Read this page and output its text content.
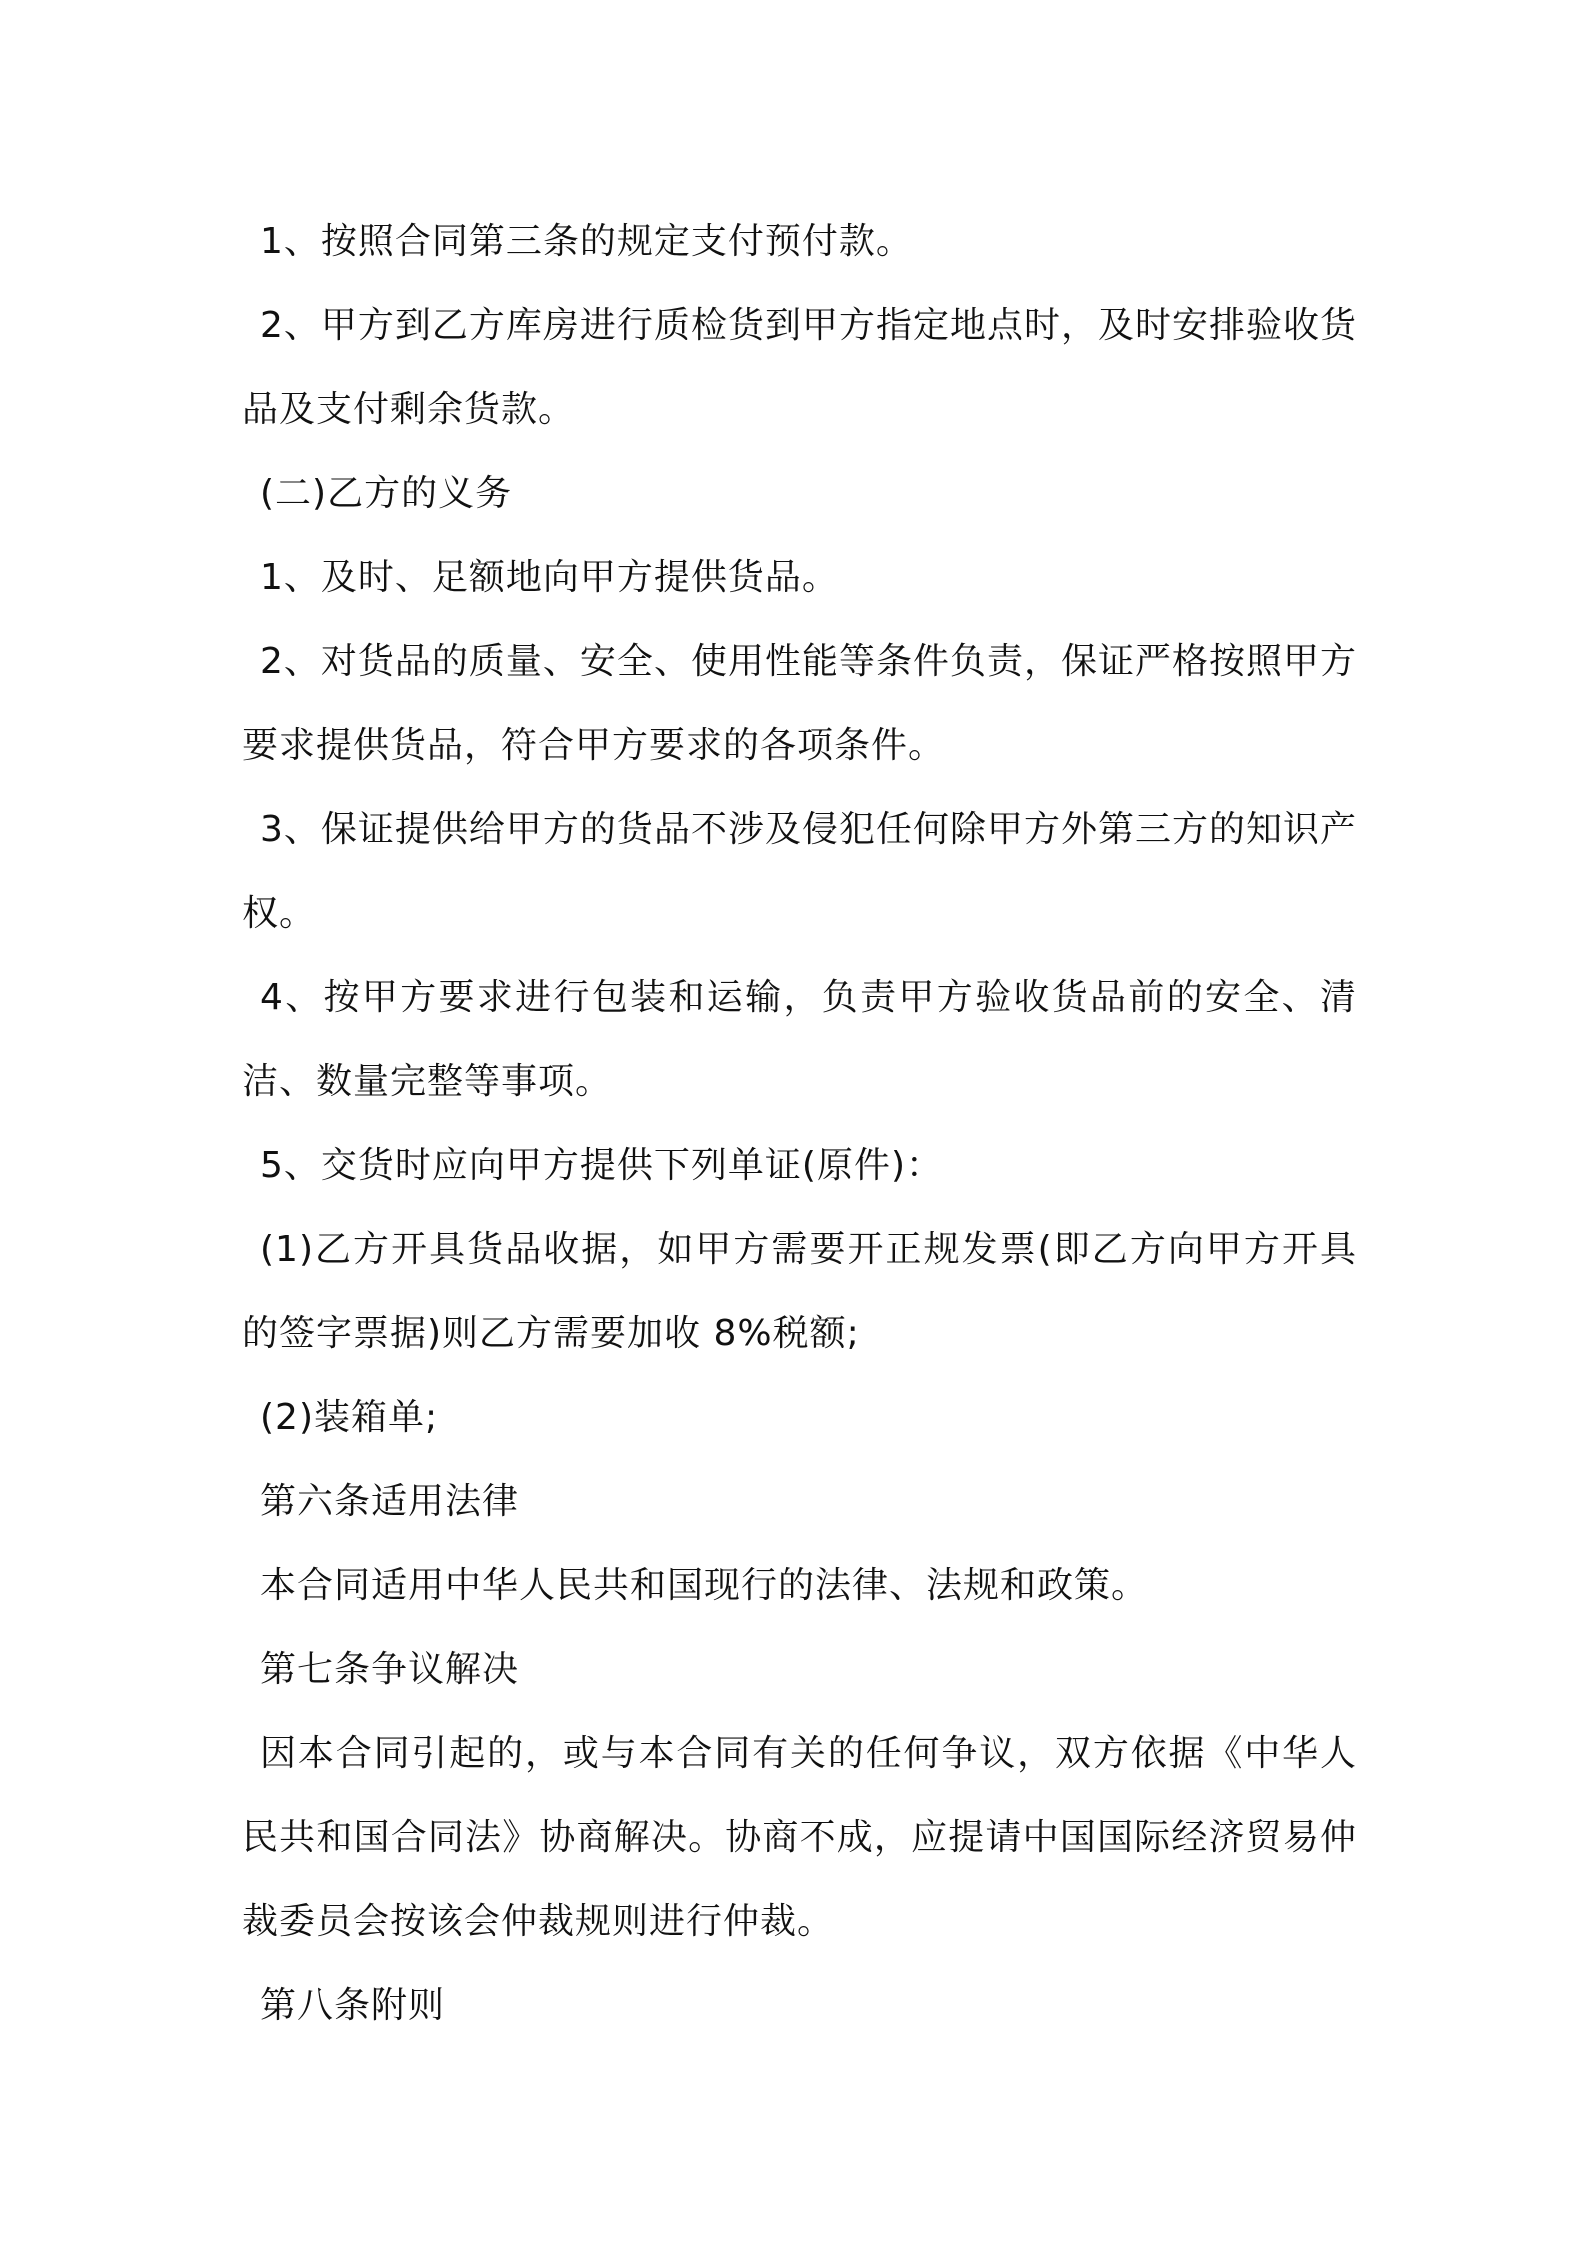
1、按照合同第三条的规定支付预付款。

2、甲方到乙方库房进行质检货到甲方指定地点时，及时安排验收货品及支付剩余货款。

(二)乙方的义务

1、及时、足额地向甲方提供货品。

2、对货品的质量、安全、使用性能等条件负责，保证严格按照甲方要求提供货品，符合甲方要求的各项条件。

3、保证提供给甲方的货品不涉及侵犯任何除甲方外第三方的知识产权。

4、按甲方要求进行包装和运输，负责甲方验收货品前的安全、清洁、数量完整等事项。

5、交货时应向甲方提供下列单证(原件)：

(1)乙方开具货品收据，如甲方需要开正规发票(即乙方向甲方开具的签字票据)则乙方需要加收 8%税额;

(2)装箱单;

第六条适用法律

本合同适用中华人民共和国现行的法律、法规和政策。

第七条争议解决

因本合同引起的，或与本合同有关的任何争议，双方依据《中华人民共和国合同法》协商解决。协商不成，应提请中国国际经济贸易仲裁委员会按该会仲裁规则进行仲裁。

第八条附则
